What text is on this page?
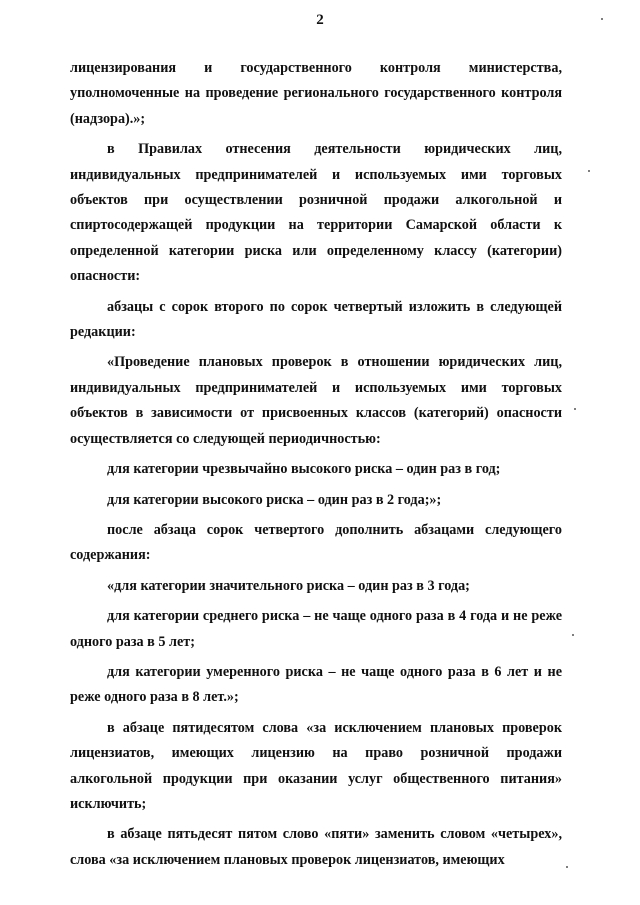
2

лицензирования и государственного контроля министерства, уполномоченные на проведение регионального государственного контроля (надзора).»;

в Правилах отнесения деятельности юридических лиц, индивидуальных предпринимателей и используемых ими торговых объектов при осуществлении розничной продажи алкогольной и спиртосодержащей продукции на территории Самарской области к определенной категории риска или определенному классу (категории) опасности:

абзацы с сорок второго по сорок четвертый изложить в следующей редакции:

«Проведение плановых проверок в отношении юридических лиц, индивидуальных предпринимателей и используемых ими торговых объектов в зависимости от присвоенных классов (категорий) опасности осуществляется со следующей периодичностью:

для категории чрезвычайно высокого риска – один раз в год;

для категории высокого риска – один раз в 2 года;»;

после абзаца сорок четвертого дополнить абзацами следующего содержания:

«для категории значительного риска – один раз в 3 года;

для категории среднего риска – не чаще одного раза в 4 года и не реже одного раза в 5 лет;

для категории умеренного риска – не чаще одного раза в 6 лет и не реже одного раза в 8 лет.»;

в абзаце пятидесятом слова «за исключением плановых проверок лицензиатов, имеющих лицензию на право розничной продажи алкогольной продукции при оказании услуг общественного питания» исключить;

в абзаце пятьдесят пятом слово «пяти» заменить словом «четырех», слова «за исключением плановых проверок лицензиатов, имеющих
